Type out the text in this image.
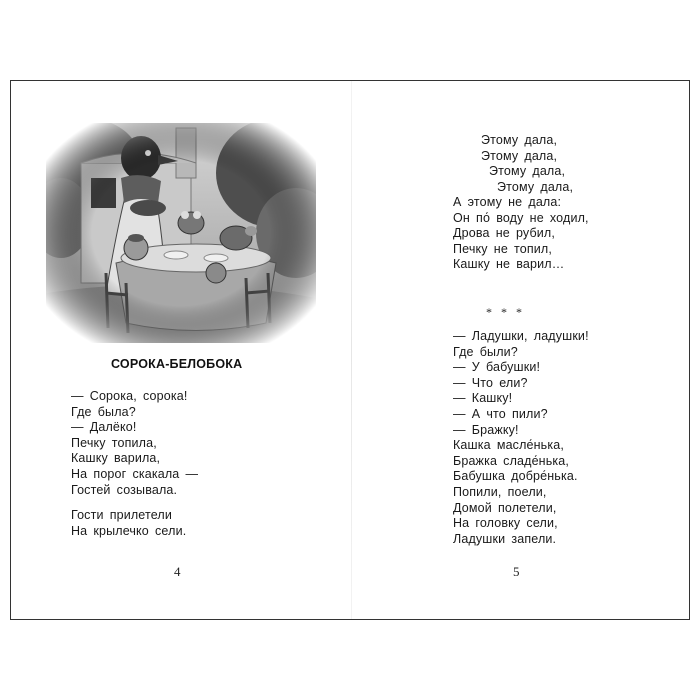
СОРОКА-БЕЛОБОКА
— Сорока, сорока!
Где была?
— Далёко!
Печку топила,
Кашку варила,
На порог скакала —
Гостей созывала.
Гости прилетели
На крылечко сели.
4
Этому дала,
Этому дала,
Этому дала,
Этому дала,
А этому не дала:
Он по́ воду не ходил,
Дрова не рубил,
Печку не топил,
Кашку не варил…
* * *
— Ладушки, ладушки!
Где были?
— У бабушки!
— Что ели?
— Кашку!
— А что пили?
— Бражку!
Кашка масле́нька,
Бражка сладе́нька,
Бабушка добре́нька.
Попили, поели,
Домой полетели,
На головку сели,
Ладушки запели.
5
